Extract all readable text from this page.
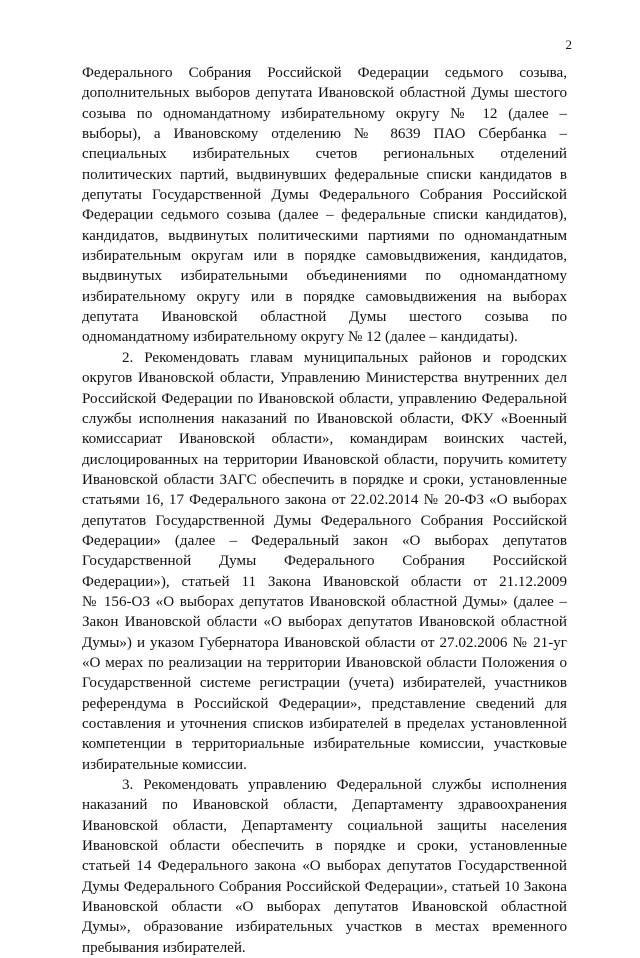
2
Федерального Собрания Российской Федерации седьмого созыва,
дополнительных выборов депутата Ивановской областной Думы шестого
созыва по одномандатному избирательному округу № 12 (далее –
выборы), а Ивановскому отделению № 8639 ПАО Сбербанка –
специальных избирательных счетов региональных отделений
политических партий, выдвинувших федеральные списки кандидатов в
депутаты Государственной Думы Федерального Собрания Российской
Федерации седьмого созыва (далее – федеральные списки кандидатов),
кандидатов, выдвинутых политическими партиями по одномандатным
избирательным округам или в порядке самовыдвижения, кандидатов,
выдвинутых избирательными объединениями по одномандатному
избирательному округу или в порядке самовыдвижения на выборах
депутата Ивановской областной Думы шестого созыва по
одномандатному избирательному округу № 12 (далее – кандидаты).
2. Рекомендовать главам муниципальных районов и городских
округов Ивановской области, Управлению Министерства внутренних дел
Российской Федерации по Ивановской области, управлению Федеральной
службы исполнения наказаний по Ивановской области, ФКУ «Военный
комиссариат Ивановской области», командирам воинских частей,
дислоцированных на территории Ивановской области, поручить комитету
Ивановской области ЗАГС обеспечить в порядке и сроки, установленные
статьями 16, 17 Федерального закона от 22.02.2014 № 20-ФЗ «О выборах
депутатов Государственной Думы Федерального Собрания Российской
Федерации» (далее – Федеральный закон «О выборах депутатов
Государственной Думы Федерального Собрания Российской
Федерации»), статьей 11 Закона Ивановской области от 21.12.2009
№ 156-ОЗ «О выборах депутатов Ивановской областной Думы» (далее –
Закон Ивановской области «О выборах депутатов Ивановской областной
Думы») и указом Губернатора Ивановской области от 27.02.2006 № 21-уг
«О мерах по реализации на территории Ивановской области Положения о
Государственной системе регистрации (учета) избирателей, участников
референдума в Российской Федерации», представление сведений для
составления и уточнения списков избирателей в пределах установленной
компетенции в территориальные избирательные комиссии, участковые
избирательные комиссии.
3. Рекомендовать управлению Федеральной службы исполнения
наказаний по Ивановской области, Департаменту здравоохранения
Ивановской области, Департаменту социальной защиты населения
Ивановской области обеспечить в порядке и сроки, установленные
статьей 14 Федерального закона «О выборах депутатов Государственной
Думы Федерального Собрания Российской Федерации», статьей 10 Закона
Ивановской области «О выборах депутатов Ивановской областной
Думы», образование избирательных участков в местах временного
пребывания избирателей.
